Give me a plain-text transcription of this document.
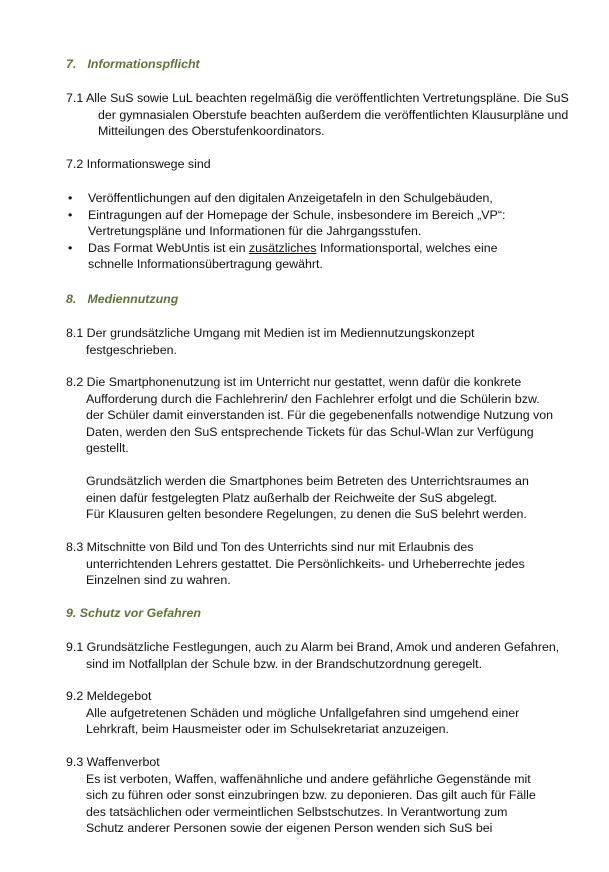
7. Informationspflicht

7.1 Alle SuS sowie LuL beachten regelmäßig die veröffentlichten Vertretungspläne. Die SuS der gymnasialen Oberstufe beachten außerdem die veröffentlichten Klausurpläne und Mitteilungen des Oberstufenkoordinators.

7.2 Informationswege sind

• Veröffentlichungen auf den digitalen Anzeigetafeln in den Schulgebäuden,
• Eintragungen auf der Homepage der Schule, insbesondere im Bereich „VP“: Vertretungspläne und Informationen für die Jahrgangsstufen.
• Das Format WebUntis ist ein zusätzliches Informationsportal, welches eine schnelle Informationsübertragung gewährt.
8. Mediennutzung

8.1 Der grundsätzliche Umgang mit Medien ist im Mediennutzungskonzept festgeschrieben.

8.2 Die Smartphonenutzung ist im Unterricht nur gestattet, wenn dafür die konkrete Aufforderung durch die Fachlehrerin/ den Fachlehrer erfolgt und die Schülerin bzw. der Schüler damit einverstanden ist. Für die gegebenenfalls notwendige Nutzung von Daten, werden den SuS entsprechende Tickets für das Schul-Wlan zur Verfügung gestellt.

Grundsätzlich werden die Smartphones beim Betreten des Unterrichtsraumes an einen dafür festgelegten Platz außerhalb der Reichweite der SuS abgelegt.

Für Klausuren gelten besondere Regelungen, zu denen die SuS belehrt werden.

8.3 Mitschnitte von Bild und Ton des Unterrichts sind nur mit Erlaubnis des unterrichtenden Lehrers gestattet. Die Persönlichkeits- und Urheberrechte jedes Einzelnen sind zu wahren.

9. Schutz vor Gefahren

9.1 Grundsätzliche Festlegungen, auch zu Alarm bei Brand, Amok und anderen Gefahren, sind im Notfallplan der Schule bzw. in der Brandschutzordnung geregelt.

9.2 Meldegebot

Alle aufgetretenen Schäden und mögliche Unfallgefahren sind umgehend einer Lehrkraft, beim Hausmeister oder im Schulsekretariat anzuzeigen.

9.3 Waffenverbot

Es ist verboten, Waffen, waffenähnliche und andere gefährliche Gegenstände mit sich zu führen oder sonst einzubringen bzw. zu deponieren. Das gilt auch für Fälle des tatsächlichen oder vermeintlichen Selbstschutzes. In Verantwortung zum Schutz anderer Personen sowie der eigenen Person wenden sich SuS bei
